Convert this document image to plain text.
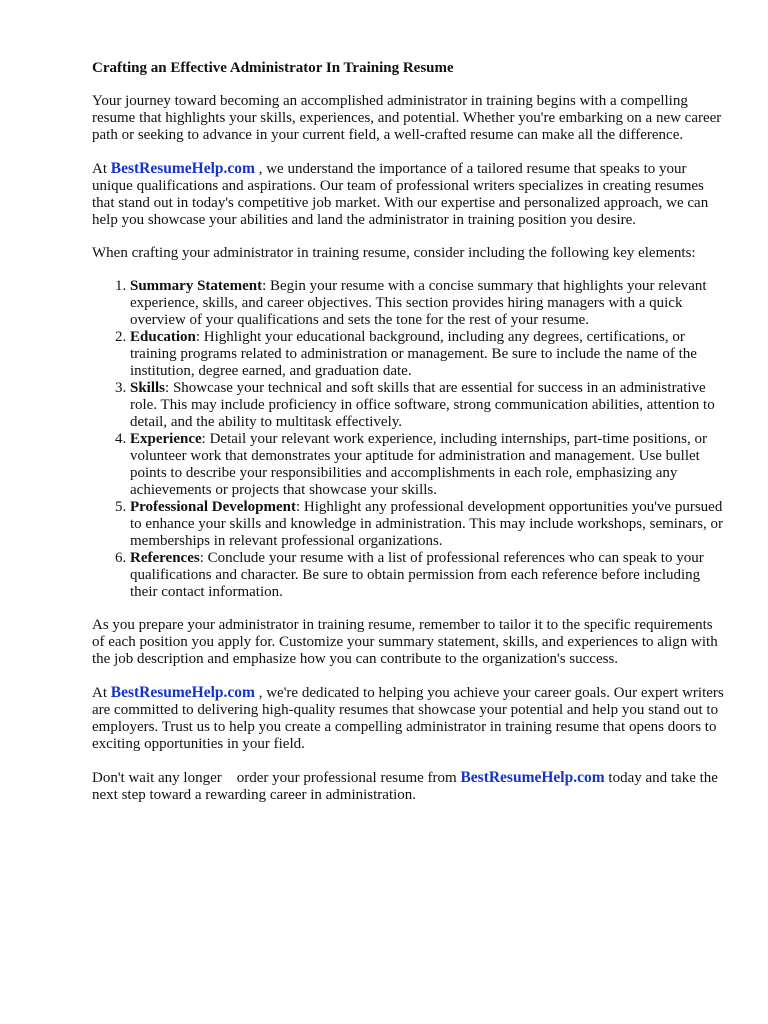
Crafting an Effective Administrator In Training Resume

Your journey toward becoming an accomplished administrator in training begins with a compelling resume that highlights your skills, experiences, and potential. Whether you're embarking on a new career path or seeking to advance in your current field, a well-crafted resume can make all the difference.

At BestResumeHelp.com , we understand the importance of a tailored resume that speaks to your unique qualifications and aspirations. Our team of professional writers specializes in creating resumes that stand out in today's competitive job market. With our expertise and personalized approach, we can help you showcase your abilities and land the administrator in training position you desire.

When crafting your administrator in training resume, consider including the following key elements:

1. Summary Statement: Begin your resume with a concise summary that highlights your relevant experience, skills, and career objectives. This section provides hiring managers with a quick overview of your qualifications and sets the tone for the rest of your resume.
2. Education: Highlight your educational background, including any degrees, certifications, or training programs related to administration or management. Be sure to include the name of the institution, degree earned, and graduation date.
3. Skills: Showcase your technical and soft skills that are essential for success in an administrative role. This may include proficiency in office software, strong communication abilities, attention to detail, and the ability to multitask effectively.
4. Experience: Detail your relevant work experience, including internships, part-time positions, or volunteer work that demonstrates your aptitude for administration and management. Use bullet points to describe your responsibilities and accomplishments in each role, emphasizing any achievements or projects that showcase your skills.
5. Professional Development: Highlight any professional development opportunities you've pursued to enhance your skills and knowledge in administration. This may include workshops, seminars, or memberships in relevant professional organizations.
6. References: Conclude your resume with a list of professional references who can speak to your qualifications and character. Be sure to obtain permission from each reference before including their contact information.

As you prepare your administrator in training resume, remember to tailor it to the specific requirements of each position you apply for. Customize your summary statement, skills, and experiences to align with the job description and emphasize how you can contribute to the organization's success.

At BestResumeHelp.com , we're dedicated to helping you achieve your career goals. Our expert writers are committed to delivering high-quality resumes that showcase your potential and help you stand out to employers. Trust us to help you create a compelling administrator in training resume that opens doors to exciting opportunities in your field.

Don't wait any longer    order your professional resume from BestResumeHelp.com today and take the next step toward a rewarding career in administration.
